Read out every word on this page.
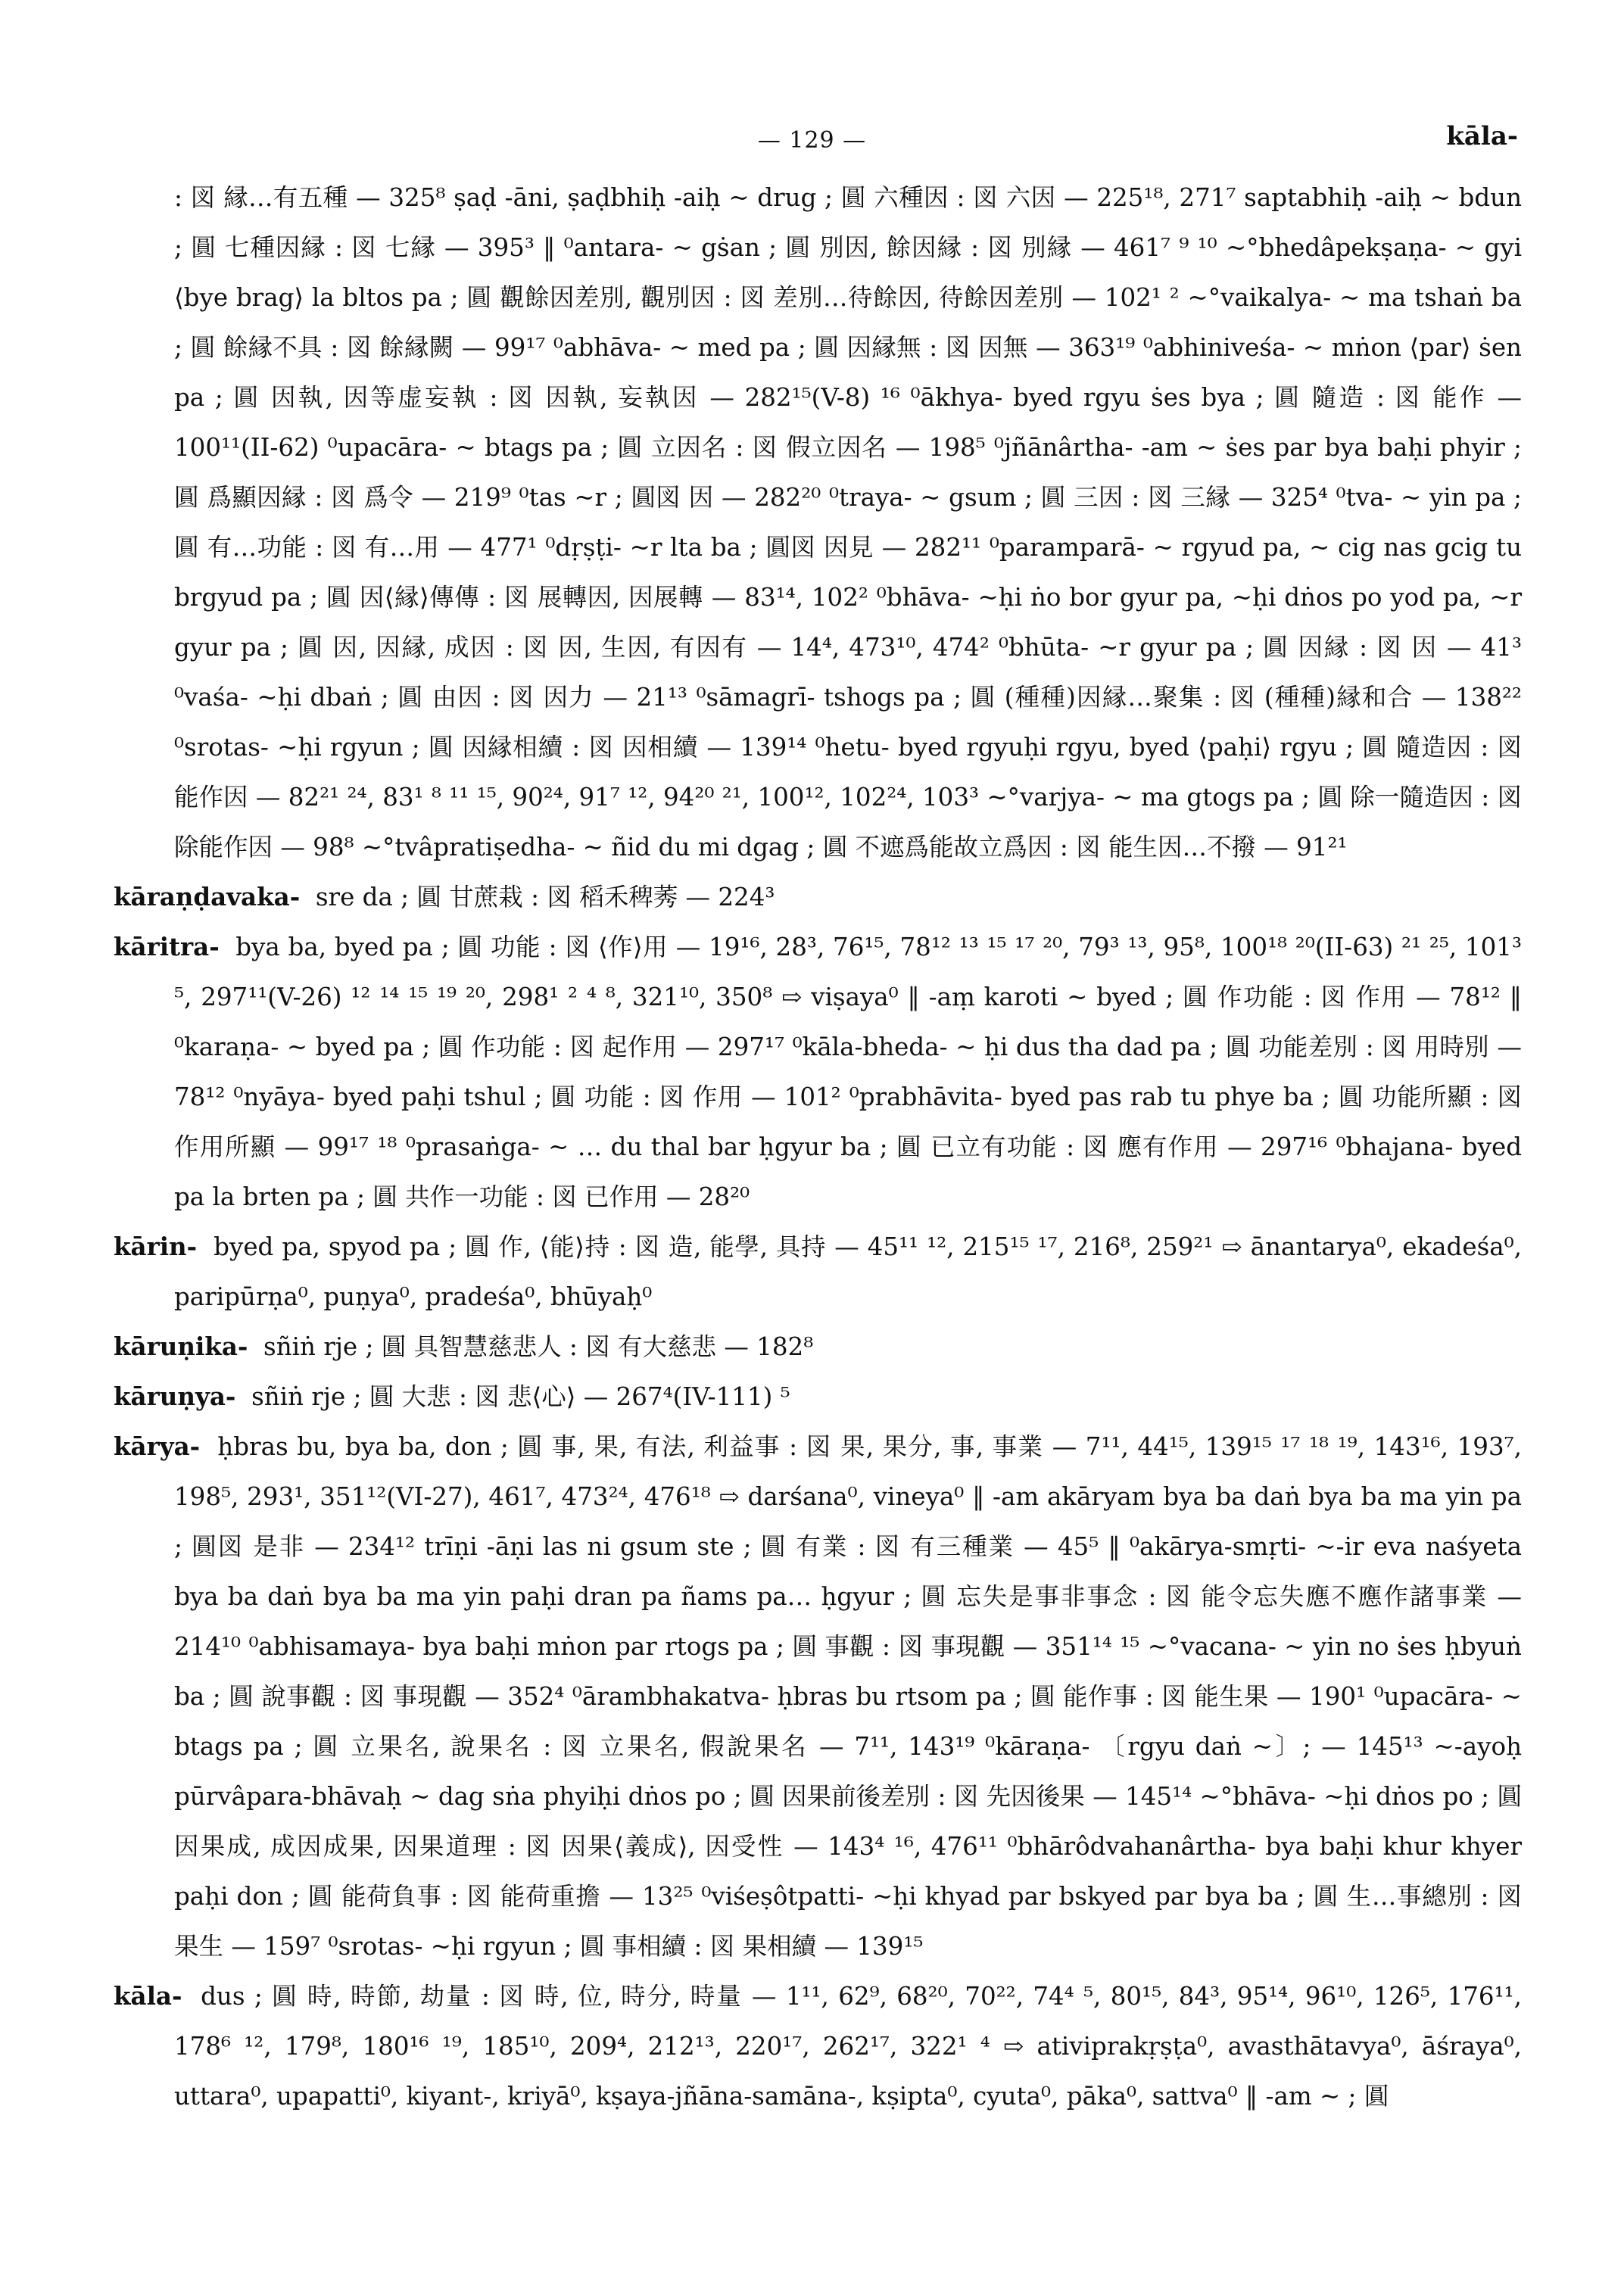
— 129 —	kāla-

: 図 縁…有五種 — 325⁸ ṣaḍ -āni, ṣaḍbhiḥ -aiḥ ~ drug ; 圓 六種因 : 図 六因 — 225¹⁸, 271⁷ saptabhiḥ -aiḥ ~ bdun ; 圓 七種因縁 : 図 七縁 — 395³ ‖ ⁰antara- ~ gṡan ; 圓 別因, 餘因縁 : 図 別縁 — 461⁷ ⁹ ¹⁰ ~°bhedâpekṣaṇa- ~ gyi ⟨bye brag⟩ la bltos pa ; 圓 觀餘因差別, 觀別因 : 図 差別…待餘因, 待餘因差別 — 102¹ ² ~°vaikalya- ~ ma tshaṅ ba ; 圓 餘縁不具 : 図 餘縁闕 — 99¹⁷ ⁰abhāva- ~ med pa ; 圓 因縁無 : 図 因無 — 363¹⁹ ⁰abhiniveśa- ~ mṅon ⟨par⟩ ṡen pa ; 圓 因執, 因等虚妄執 : 図 因執, 妄執因 — 282¹⁵(V-8) ¹⁶ ⁰ākhya- byed rgyu ṡes bya ; 圓 隨造 : 図 能作 — 100¹¹(II-62) ⁰upacāra- ~ btags pa ; 圓 立因名 : 図 假立因名 — 198⁵ ⁰jñānârtha- -am ~ ṡes par bya baḥi phyir ; 圓 爲顯因縁 : 図 爲令 — 219⁹ ⁰tas ~r ; 圓図 因 — 282²⁰ ⁰traya- ~ gsum ; 圓 三因 : 図 三縁 — 325⁴ ⁰tva- ~ yin pa ; 圓 有…功能 : 図 有…用 — 477¹ ⁰dṛṣṭi- ~r lta ba ; 圓図 因見 — 282¹¹ ⁰paramparā- ~ rgyud pa, ~ cig nas gcig tu brgyud pa ; 圓 因⟨縁⟩傳傳 : 図 展轉因, 因展轉 — 83¹⁴, 102² ⁰bhāva- ~ḥi ṅo bor gyur pa, ~ḥi dṅos po yod pa, ~r gyur pa ; 圓 因, 因縁, 成因 : 図 因, 生因, 有因有 — 14⁴, 473¹⁰, 474² ⁰bhūta- ~r gyur pa ; 圓 因縁 : 図 因 — 41³ ⁰vaśa- ~ḥi dbaṅ ; 圓 由因 : 図 因力 — 21¹³ ⁰sāmagrī- tshogs pa ; 圓 (種種)因縁…聚集 : 図 (種種)縁和合 — 138²² ⁰srotas- ~ḥi rgyun ; 圓 因縁相續 : 図 因相續 — 139¹⁴ ⁰hetu- byed rgyuḥi rgyu, byed ⟨paḥi⟩ rgyu ; 圓 隨造因 : 図 能作因 — 82²¹ ²⁴, 83¹ ⁸ ¹¹ ¹⁵, 90²⁴, 91⁷ ¹², 94²⁰ ²¹, 100¹², 102²⁴, 103³ ~°varjya- ~ ma gtogs pa ; 圓 除一隨造因 : 図 除能作因 — 98⁸ ~°tvâpratiṣedha- ~ ñid du mi dgag ; 圓 不遮爲能故立爲因 : 図 能生因…不撥 — 91²¹

kāraṇḍavaka- sre da ; 圓 甘蔗栽 : 図 稻禾稗莠 — 224³

kāritra- bya ba, byed pa ; 圓 功能 : 図 ⟨作⟩用 — 19¹⁶, 28³, 76¹⁵, 78¹² ¹³ ¹⁵ ¹⁷ ²⁰, 79³ ¹³, 95⁸, 100¹⁸ ²⁰(II-63) ²¹ ²⁵, 101³ ⁵, 297¹¹(V-26) ¹² ¹⁴ ¹⁵ ¹⁹ ²⁰, 298¹ ² ⁴ ⁸, 321¹⁰, 350⁸ ⇨ viṣaya⁰ ‖ -aṃ karoti ~ byed ; 圓 作功能 : 図 作用 — 78¹² ‖ ⁰karaṇa- ~ byed pa ; 圓 作功能 : 図 起作用 — 297¹⁷ ⁰kāla-bheda- ~ ḥi dus tha dad pa ; 圓 功能差別 : 図 用時別 — 78¹² ⁰nyāya- byed paḥi tshul ; 圓 功能 : 図 作用 — 101² ⁰prabhāvita- byed pas rab tu phye ba ; 圓 功能所顯 : 図 作用所顯 — 99¹⁷ ¹⁸ ⁰prasaṅga- ~ … du thal bar ḥgyur ba ; 圓 已立有功能 : 図 應有作用 — 297¹⁶ ⁰bhajana- byed pa la brten pa ; 圓 共作一功能 : 図 已作用 — 28²⁰

kārin- byed pa, spyod pa ; 圓 作, ⟨能⟩持 : 図 造, 能學, 具持 — 45¹¹ ¹², 215¹⁵ ¹⁷, 216⁸, 259²¹ ⇨ ānantarya⁰, ekadeśa⁰, paripūrṇa⁰, puṇya⁰, pradeśa⁰, bhūyaḥ⁰

kāruṇika- sñiṅ rje ; 圓 具智慧慈悲人 : 図 有大慈悲 — 182⁸

kāruṇya- sñiṅ rje ; 圓 大悲 : 図 悲⟨心⟩ — 267⁴(IV-111) ⁵

kārya- ḥbras bu, bya ba, don ; 圓 事, 果, 有法, 利益事 : 図 果, 果分, 事, 事業 — 7¹¹, 44¹⁵, 139¹⁵ ¹⁷ ¹⁸ ¹⁹, 143¹⁶, 193⁷, 198⁵, 293¹, 351¹²(VI-27), 461⁷, 473²⁴, 476¹⁸ ⇨ darśana⁰, vineya⁰ ‖ -am akāryam bya ba daṅ bya ba ma yin pa ; 圓図 是非 — 234¹² trīṇi -āṇi las ni gsum ste ; 圓 有業 : 図 有三種業 — 45⁵ ‖ ⁰akārya-smṛti- ~-ir eva naśyeta bya ba daṅ bya ba ma yin paḥi dran pa ñams pa… ḥgyur ; 圓 忘失是事非事念 : 図 能令忘失應不應作諸事業 — 214¹⁰ ⁰abhisamaya- bya baḥi mṅon par rtogs pa ; 圓 事觀 : 図 事現觀 — 351¹⁴ ¹⁵ ~°vacana- ~ yin no ṡes ḥbyuṅ ba ; 圓 說事觀 : 図 事現觀 — 352⁴ ⁰ārambhakatva- ḥbras bu rtsom pa ; 圓 能作事 : 図 能生果 — 190¹ ⁰upacāra- ~ btags pa ; 圓 立果名, 說果名 : 図 立果名, 假說果名 — 7¹¹, 143¹⁹ ⁰kāraṇa- 〔rgyu daṅ ~〕; — 145¹³ ~-ayoḥ pūrvâpara-bhāvaḥ ~ dag sṅa phyiḥi dṅos po ; 圓 因果前後差別 : 図 先因後果 — 145¹⁴ ~°bhāva- ~ḥi dṅos po ; 圓 因果成, 成因成果, 因果道理 : 図 因果⟨義成⟩, 因受性 — 143⁴ ¹⁶, 476¹¹ ⁰bhārôdvahanârtha- bya baḥi khur khyer paḥi don ; 圓 能荷負事 : 図 能荷重擔 — 13²⁵ ⁰viśeṣôtpatti- ~ḥi khyad par bskyed par bya ba ; 圓 生…事總別 : 図 果生 — 159⁷ ⁰srotas- ~ḥi rgyun ; 圓 事相續 : 図 果相續 — 139¹⁵

kāla- dus ; 圓 時, 時節, 劫量 : 図 時, 位, 時分, 時量 — 1¹¹, 62⁹, 68²⁰, 70²², 74⁴ ⁵, 80¹⁵, 84³, 95¹⁴, 96¹⁰, 126⁵, 176¹¹, 178⁶ ¹², 179⁸, 180¹⁶ ¹⁹, 185¹⁰, 209⁴, 212¹³, 220¹⁷, 262¹⁷, 322¹ ⁴ ⇨ ativiprakṛṣṭa⁰, avasthātavya⁰, āśraya⁰, uttara⁰, upapatti⁰, kiyant-, kriyā⁰, kṣaya-jñāna-samāna-, kṣipta⁰, cyuta⁰, pāka⁰, sattva⁰ ‖ -am ~ ; 圓
